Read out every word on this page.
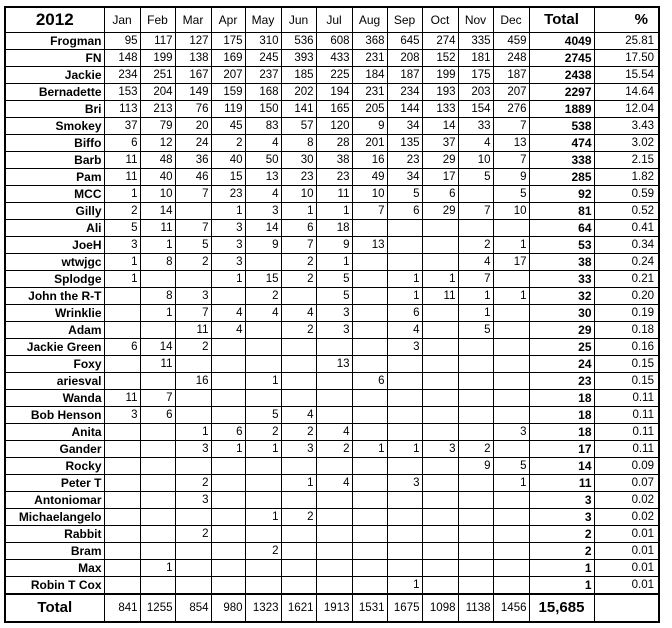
2012	Jan	Feb	Mar	Apr	May	Jun	Jul	Aug	Sep	Oct	Nov	Dec	Total	%
Frogman	95	117	127	175	310	536	608	368	645	274	335	459	4049	25.81
FN	148	199	138	169	245	393	433	231	208	152	181	248	2745	17.50
Jackie	234	251	167	207	237	185	225	184	187	199	175	187	2438	15.54
Bernadette	153	204	149	159	168	202	194	231	234	193	203	207	2297	14.64
Bri	113	213	76	119	150	141	165	205	144	133	154	276	1889	12.04
Smokey	37	79	20	45	83	57	120	9	34	14	33	7	538	3.43
Biffo	6	12	24	2	4	8	28	201	135	37	4	13	474	3.02
Barb	11	48	36	40	50	30	38	16	23	29	10	7	338	2.15
Pam	11	40	46	15	13	23	23	49	34	17	5	9	285	1.82
MCC	1	10	7	23	4	10	11	10	5	6		5	92	0.59
Gilly	2	14		1	3	1	1	7	6	29	7	10	81	0.52
Ali	5	11	7	3	14	6	18						64	0.41
JoeH	3	1	5	3	9	7	9	13			2	1	53	0.34
wtwjgc	1	8	2	3		2	1				4	17	38	0.24
Splodge	1			1	15	2	5		1	1	7		33	0.21
John the R-T		8	3		2		5		1	11	1	1	32	0.20
Wrinklie		1	7	4	4	4	3		6		1		30	0.19
Adam			11	4		2	3		4		5		29	0.18
Jackie Green	6	14	2						3				25	0.16
Foxy		11					13						24	0.15
ariesval			16		1			6					23	0.15
Wanda	11	7											18	0.11
Bob Henson	3	6			5	4							18	0.11
Anita			1	6	2	2	4					3	18	0.11
Gander			3	1	1	3	2	1	1	3	2		17	0.11
Rocky											9	5	14	0.09
Peter T			2			1	4		3			1	11	0.07
Antoniomar			3										3	0.02
Michaelangelo					1	2							3	0.02
Rabbit			2										2	0.01
Bram					2								2	0.01
Max		1											1	0.01
Robin T Cox									1				1	0.01
Total	841	1255	854	980	1323	1621	1913	1531	1675	1098	1138	1456	15,685	
